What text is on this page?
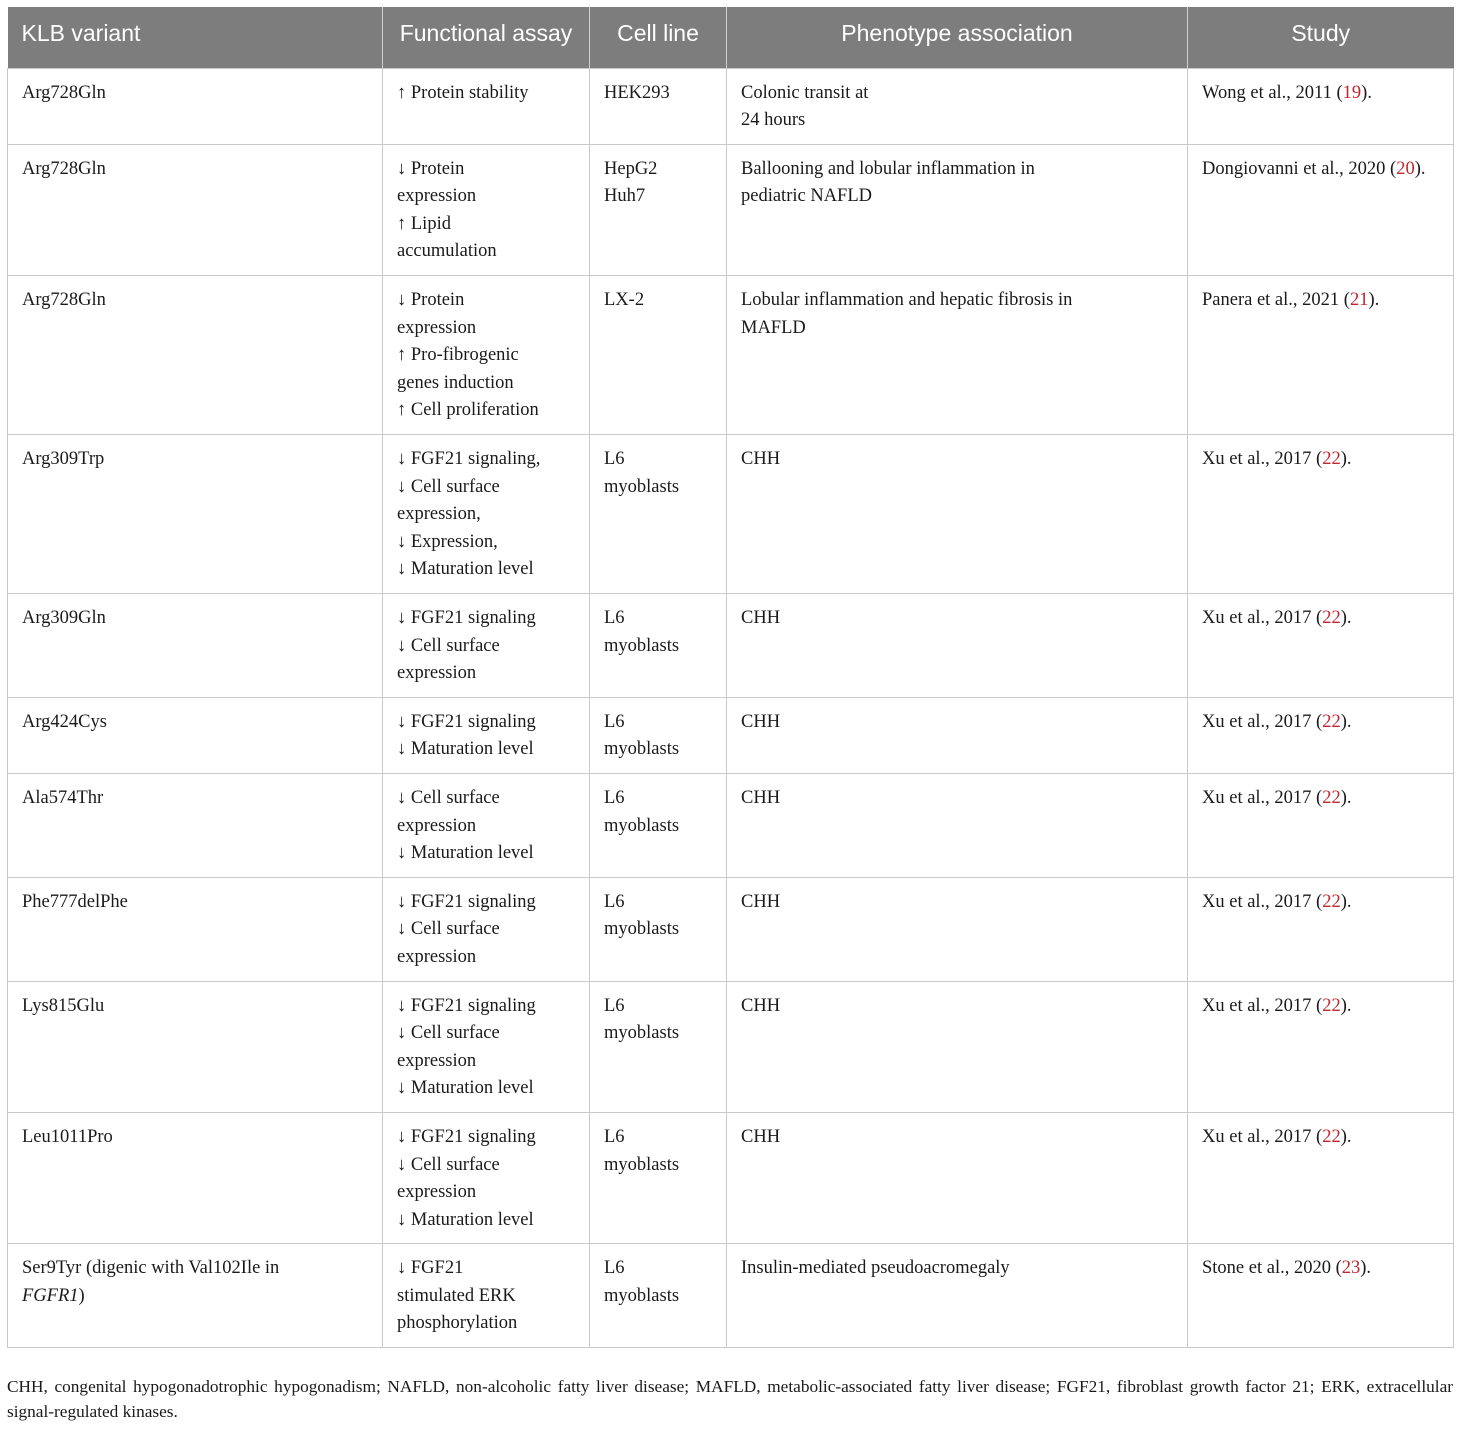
KLB variant	Functional assay	Cell line	Phenotype association	Study

Arg728Gln	↑ Protein stability	HEK293	Colonic transit at
24 hours	Wong et al., 2011 (19).

Arg728Gln	↓ Protein
expression
↑ Lipid
accumulation	HepG2
Huh7	Ballooning and lobular inflammation in
pediatric NAFLD	Dongiovanni et al., 2020 (20).

Arg728Gln	↓ Protein
expression
↑ Pro-fibrogenic
genes induction
↑ Cell proliferation	LX-2	Lobular inflammation and hepatic fibrosis in
MAFLD	Panera et al., 2021 (21).

Arg309Trp	↓ FGF21 signaling,
↓ Cell surface
expression,
↓ Expression,
↓ Maturation level	L6
myoblasts	CHH	Xu et al., 2017 (22).

Arg309Gln	↓ FGF21 signaling
↓ Cell surface
expression	L6
myoblasts	CHH	Xu et al., 2017 (22).

Arg424Cys	↓ FGF21 signaling
↓ Maturation level	L6
myoblasts	CHH	Xu et al., 2017 (22).

Ala574Thr	↓ Cell surface
expression
↓ Maturation level	L6
myoblasts	CHH	Xu et al., 2017 (22).

Phe777delPhe	↓ FGF21 signaling
↓ Cell surface
expression	L6
myoblasts	CHH	Xu et al., 2017 (22).

Lys815Glu	↓ FGF21 signaling
↓ Cell surface
expression
↓ Maturation level	L6
myoblasts	CHH	Xu et al., 2017 (22).

Leu1011Pro	↓ FGF21 signaling
↓ Cell surface
expression
↓ Maturation level	L6
myoblasts	CHH	Xu et al., 2017 (22).

Ser9Tyr (digenic with Val102Ile in
FGFR1)	↓ FGF21
stimulated ERK
phosphorylation	L6
myoblasts	Insulin-mediated pseudoacromegaly	Stone et al., 2020 (23).
CHH, congenital hypogonadotrophic hypogonadism; NAFLD, non-alcoholic fatty liver disease; MAFLD, metabolic-associated fatty liver disease; FGF21, fibroblast growth factor 21; ERK, extracellular signal-regulated kinases.
